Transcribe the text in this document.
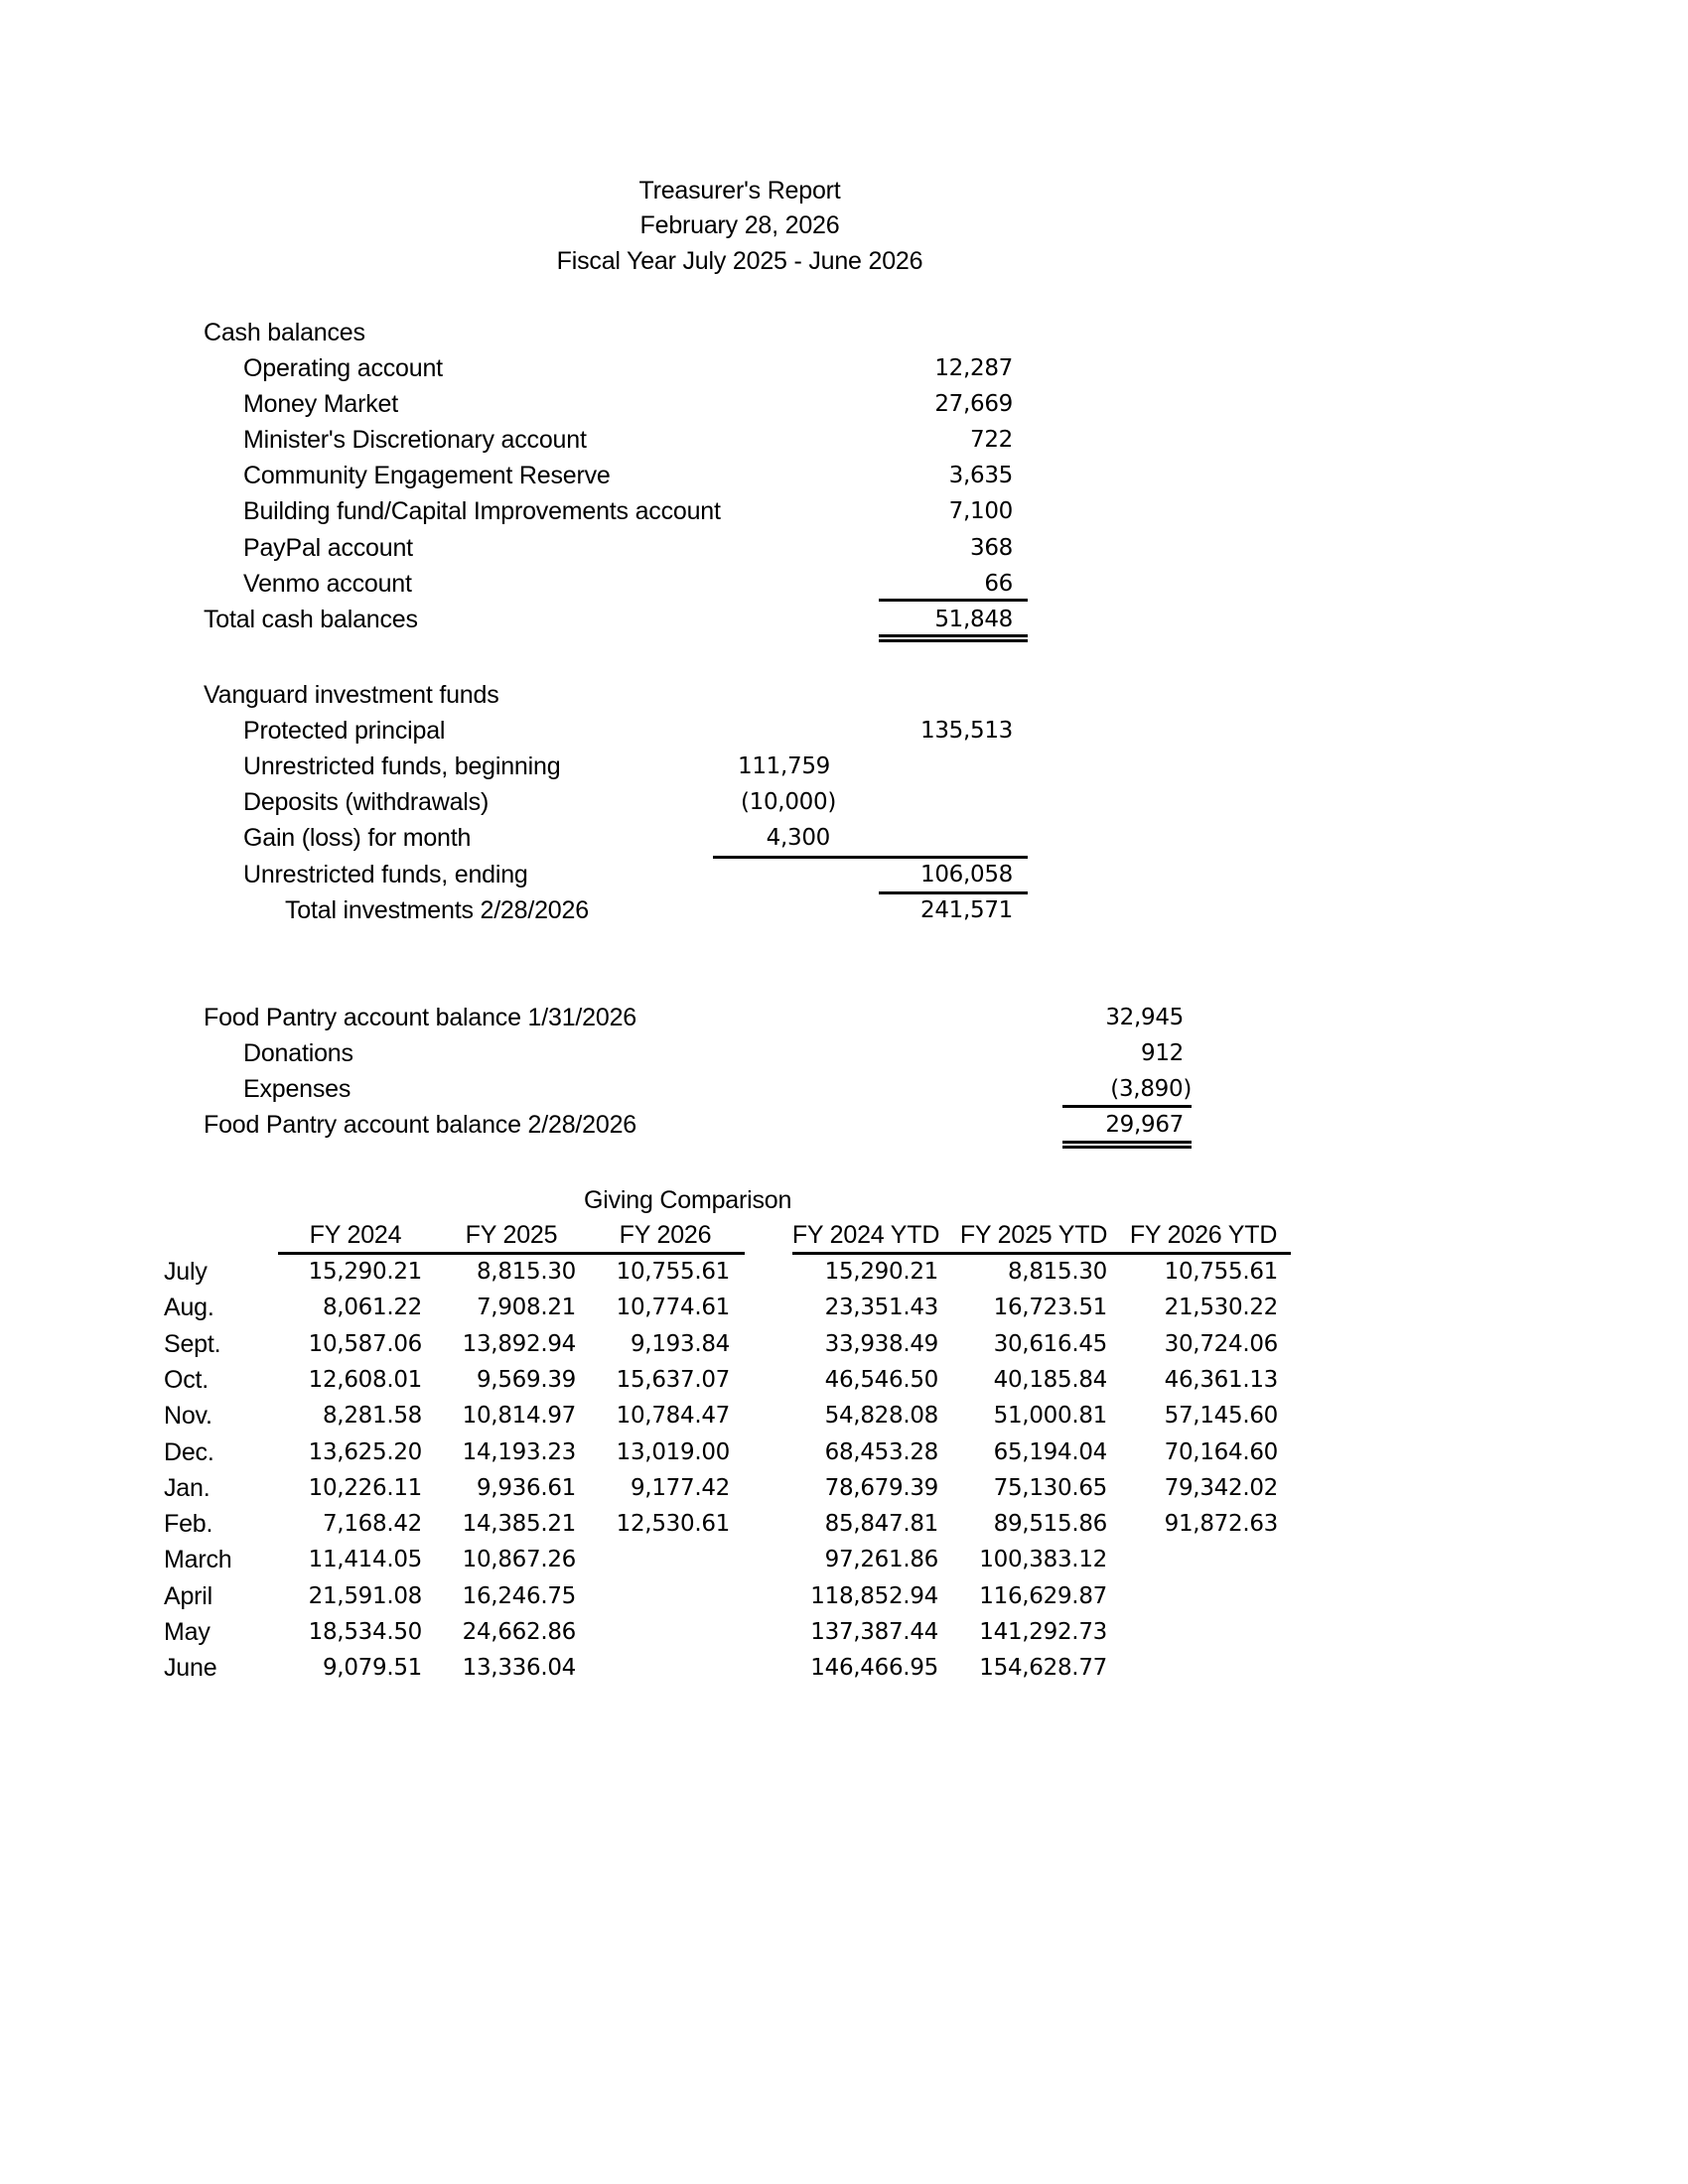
Treasurer's Report
February 28, 2026
Fiscal Year July 2025 - June 2026
Cash balances
Operating account	12,287
Money Market	27,669
Minister's Discretionary account	722
Community Engagement Reserve	3,635
Building fund/Capital Improvements account	7,100
PayPal account	368
Venmo account	66
Total cash balances	51,848
Vanguard investment funds
Protected principal	135,513
Unrestricted funds, beginning	111,759
Deposits (withdrawals)	(10,000)
Gain (loss) for month	4,300
Unrestricted funds, ending	106,058
Total investments 2/28/2026	241,571
Food Pantry account balance 1/31/2026	32,945
Donations	912
Expenses	(3,890)
Food Pantry account balance 2/28/2026	29,967
Giving Comparison
FY 2024	FY 2025 FY 2026	FY 2024 YTD FY 2025 YTD FY 2026 YTD
July	15,290.21 8,815.30 10,755.61	15,290.21	8,815.30	10,755.61
Aug.	8,061.22 7,908.21 10,774.61	23,351.43 16,723.51	21,530.22
Sept.	10,587.06 13,892.94 9,193.84	33,938.49 30,616.45	30,724.06
Oct.	12,608.01 9,569.39 15,637.07	46,546.50 40,185.84	46,361.13
Nov.	8,281.58 10,814.97 10,784.47	54,828.08 51,000.81	57,145.60
Dec.	13,625.20 14,193.23 13,019.00	68,453.28 65,194.04	70,164.60
Jan.	10,226.11 9,936.61 9,177.42	78,679.39 75,130.65	79,342.02
Feb.	7,168.42 14,385.21 12,530.61	85,847.81 89,515.86	91,872.63
March	11,414.05 10,867.26	97,261.86 100,383.12
April	21,591.08 16,246.75	118,852.94 116,629.87
May	18,534.50 24,662.86	137,387.44 141,292.73
June	9,079.51 13,336.04	146,466.95 154,628.77
